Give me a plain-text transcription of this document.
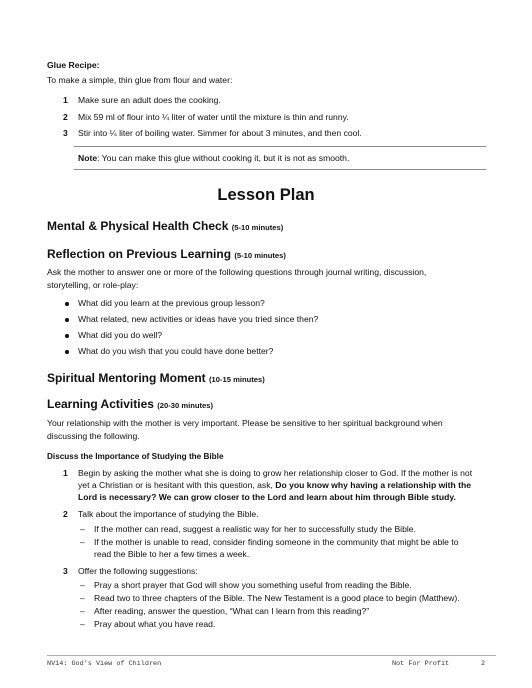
Glue Recipe:
To make a simple, thin glue from flour and water:
1 Make sure an adult does the cooking.
2 Mix 59 ml of flour into ¼ liter of water until the mixture is thin and runny.
3 Stir into ¼ liter of boiling water. Simmer for about 3 minutes, and then cool.
Note: You can make this glue without cooking it, but it is not as smooth.
Lesson Plan
Mental & Physical Health Check (5-10 minutes)
Reflection on Previous Learning (5-10 minutes)
Ask the mother to answer one or more of the following questions through journal writing, discussion,
storytelling, or role-play:
What did you learn at the previous group lesson?
What related, new activities or ideas have you tried since then?
What did you do well?
What do you wish that you could have done better?
Spiritual Mentoring Moment (10-15 minutes)
Learning Activities (20-30 minutes)
Your relationship with the mother is very important. Please be sensitive to her spiritual background when
discussing the following.
Discuss the Importance of Studying the Bible
1 Begin by asking the mother what she is doing to grow her relationship closer to God. If the mother is not
yet a Christian or is hesitant with this question, ask, Do you know why having a relationship with the
Lord is necessary? We can grow closer to the Lord and learn about him through Bible study.
2 Talk about the importance of studying the Bible.
– If the mother can read, suggest a realistic way for her to successfully study the Bible.
– If the mother is unable to read, consider finding someone in the community that might be able to
read the Bible to her a few times a week.
3 Offer the following suggestions:
– Pray a short prayer that God will show you something useful from reading the Bible.
– Read two to three chapters of the Bible. The New Testament is a good place to begin (Matthew).
– After reading, answer the question, “What can I learn from this reading?”
– Pray about what you have read.
NV14: God’s View of Children	Not For Profit	2
